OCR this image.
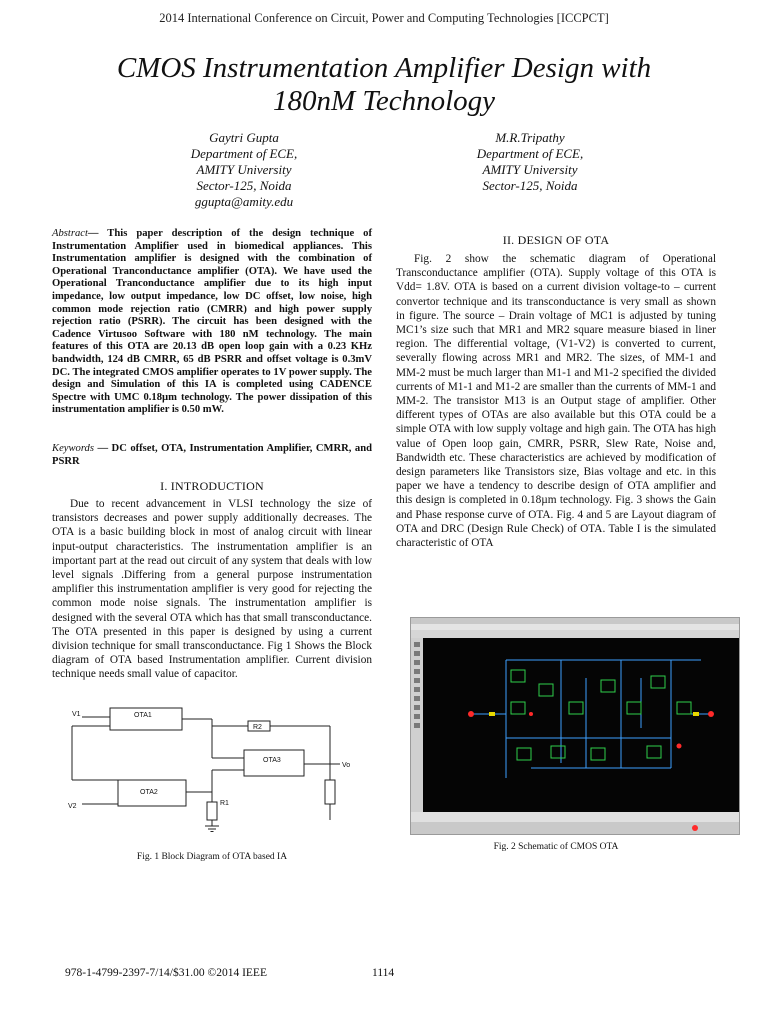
2014 International Conference on Circuit, Power and Computing Technologies [ICCPCT]
CMOS Instrumentation Amplifier Design with
180nM Technology
Gaytri Gupta
Department of ECE,
AMITY University
Sector-125, Noida
ggupta@amity.edu
M.R.Tripathy
Department of ECE,
AMITY University
Sector-125, Noida
Abstract— This paper description of the design technique of Instrumentation Amplifier used in biomedical appliances. This Instrumentation amplifier is designed with the combination of Operational Tranconductance amplifier (OTA). We have used the Operational Tranconductance amplifier due to its high input impedance, low output impedance, low DC offset, low noise, high common mode rejection ratio (CMRR) and high power supply rejection ratio (PSRR). The circuit has been designed with the Cadence Virtusoo Software with 180 nM technology. The main features of this OTA are 20.13 dB open loop gain with a 0.23 KHz bandwidth, 124 dB CMRR, 65 dB PSRR and offset voltage is 0.3mV DC. The integrated CMOS amplifier operates to 1V power supply. The design and Simulation of this IA is completed using CADENCE Spectre with UMC 0.18µm technology. The power dissipation of this instrumentation amplifier is 0.50 mW.
Keywords — DC offset, OTA, Instrumentation Amplifier, CMRR, and PSRR
I. INTRODUCTION
Due to recent advancement in VLSI technology the size of transistors decreases and power supply additionally decreases. The OTA is a basic building block in most of analog circuit with linear input-output characteristics. The instrumentation amplifier is an important part at the read out circuit of any system that deals with low level signals .Differing from a general purpose instrumentation amplifier this instrumentation amplifier is very good for rejecting the common mode noise signals. The instrumentation amplifier is designed with the several OTA which has that small transconductance. The OTA presented in this paper is designed by using a current division technique for small transconductance. Fig 1 Shows the Block diagram of OTA based Instrumentation amplifier. Current division technique needs small value of capacitor.
V1	OTA1
R2
OTA3
Vo
OTA2
V2	R1
Fig. 1 Block Diagram of OTA based IA
II. DESIGN OF OTA
Fig. 2 show the schematic diagram of Operational Transconductance amplifier (OTA). Supply voltage of this OTA is Vdd= 1.8V. OTA is based on a current division voltage-to – current convertor technique and its transconductance is very small as shown in figure. The source – Drain voltage of MC1 is adjusted by tuning MC1’s size such that MR1 and MR2 square measure biased in liner region. The differential voltage, (V1-V2) is converted to current, severally flowing across MR1 and MR2. The sizes, of MM-1 and MM-2 must be much larger than M1-1 and M1-2 specified the divided currents of M1-1 and M1-2 are smaller than the currents of MM-1 and MM-2. The transistor M13 is an Output stage of amplifier. Other different types of OTAs are also available but this OTA could be a simple OTA with low supply voltage and high gain. The OTA has high value of Open loop gain, CMRR, PSRR, Slew Rate, Noise and, Bandwidth etc. These characteristics are achieved by modification of design parameters like Transistors size, Bias voltage and etc. in this paper we have a tendency to describe design of OTA amplifier and this design is completed in 0.18µm technology. Fig. 3 shows the Gain and Phase response curve of OTA. Fig. 4 and 5 are Layout diagram of OTA and DRC (Design Rule Check) of OTA. Table I is the simulated characteristic of OTA
Fig. 2 Schematic of CMOS OTA
978-1-4799-2397-7/14/$31.00 ©2014 IEEE	1114
